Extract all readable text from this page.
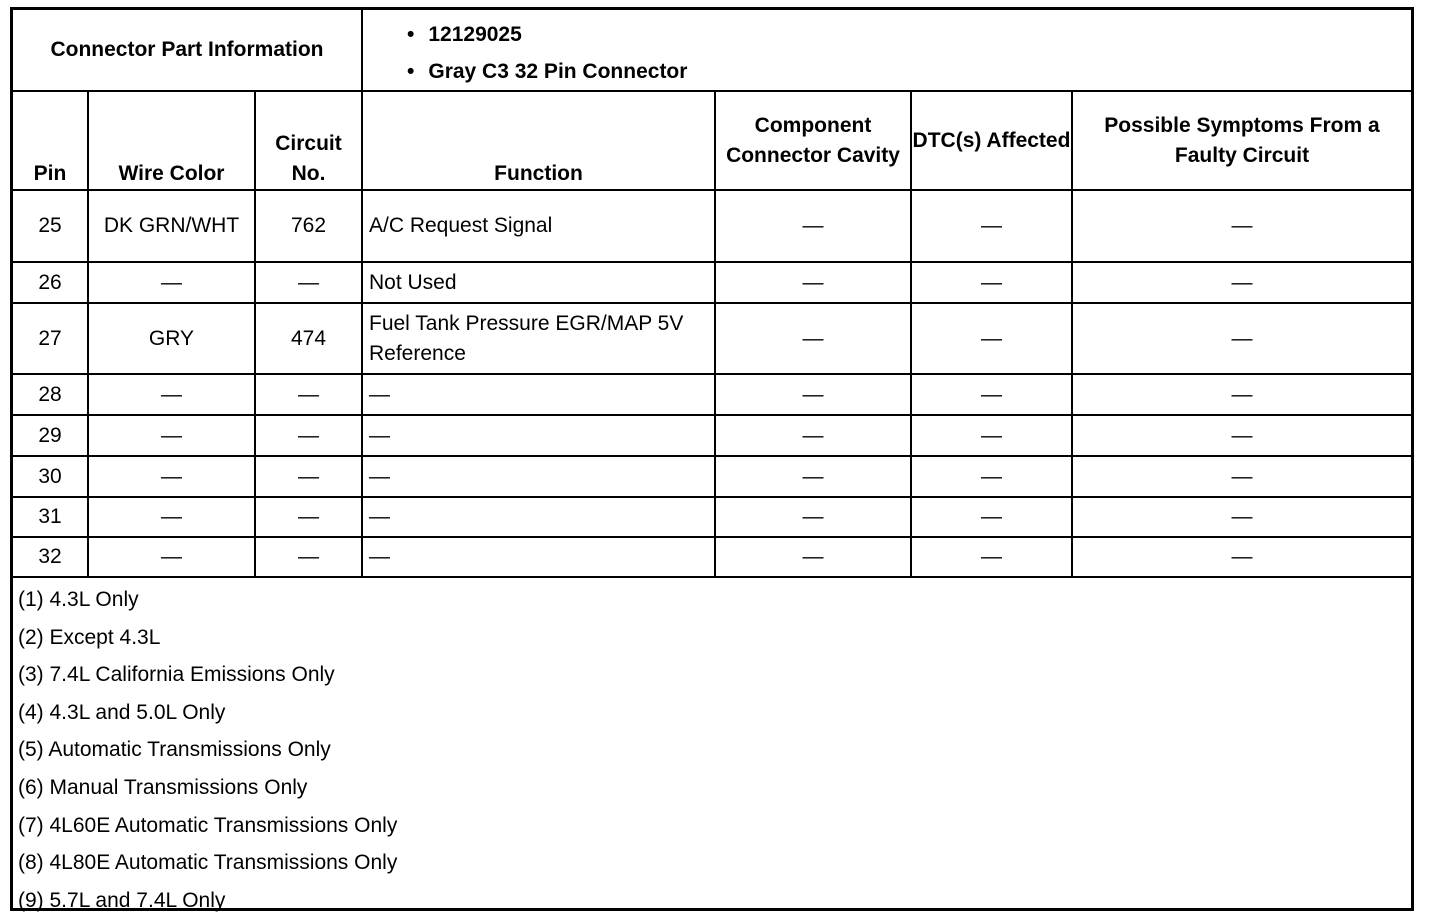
Connector Part Information	
• 12129025
• Gray C3 32 Pin Connector
Pin	Wire Color	Circuit No.	Function	Component Connector Cavity	DTC(s) Affected	Possible Symptoms From a Faulty Circuit
25	DK GRN/WHT	762	A/C Request Signal	—	—	—
26	—	—	Not Used	—	—	—
27	GRY	474	Fuel Tank Pressure EGR/MAP 5V Reference	—	—	—
28	—	—	—	—	—	—
29	—	—	—	—	—	—
30	—	—	—	—	—	—
31	—	—	—	—	—	—
32	—	—	—	—	—	—
(1) 4.3L Only
(2) Except 4.3L
(3) 7.4L California Emissions Only
(4) 4.3L and 5.0L Only
(5) Automatic Transmissions Only
(6) Manual Transmissions Only
(7) 4L60E Automatic Transmissions Only
(8) 4L80E Automatic Transmissions Only
(9) 5.7L and 7.4L Only
